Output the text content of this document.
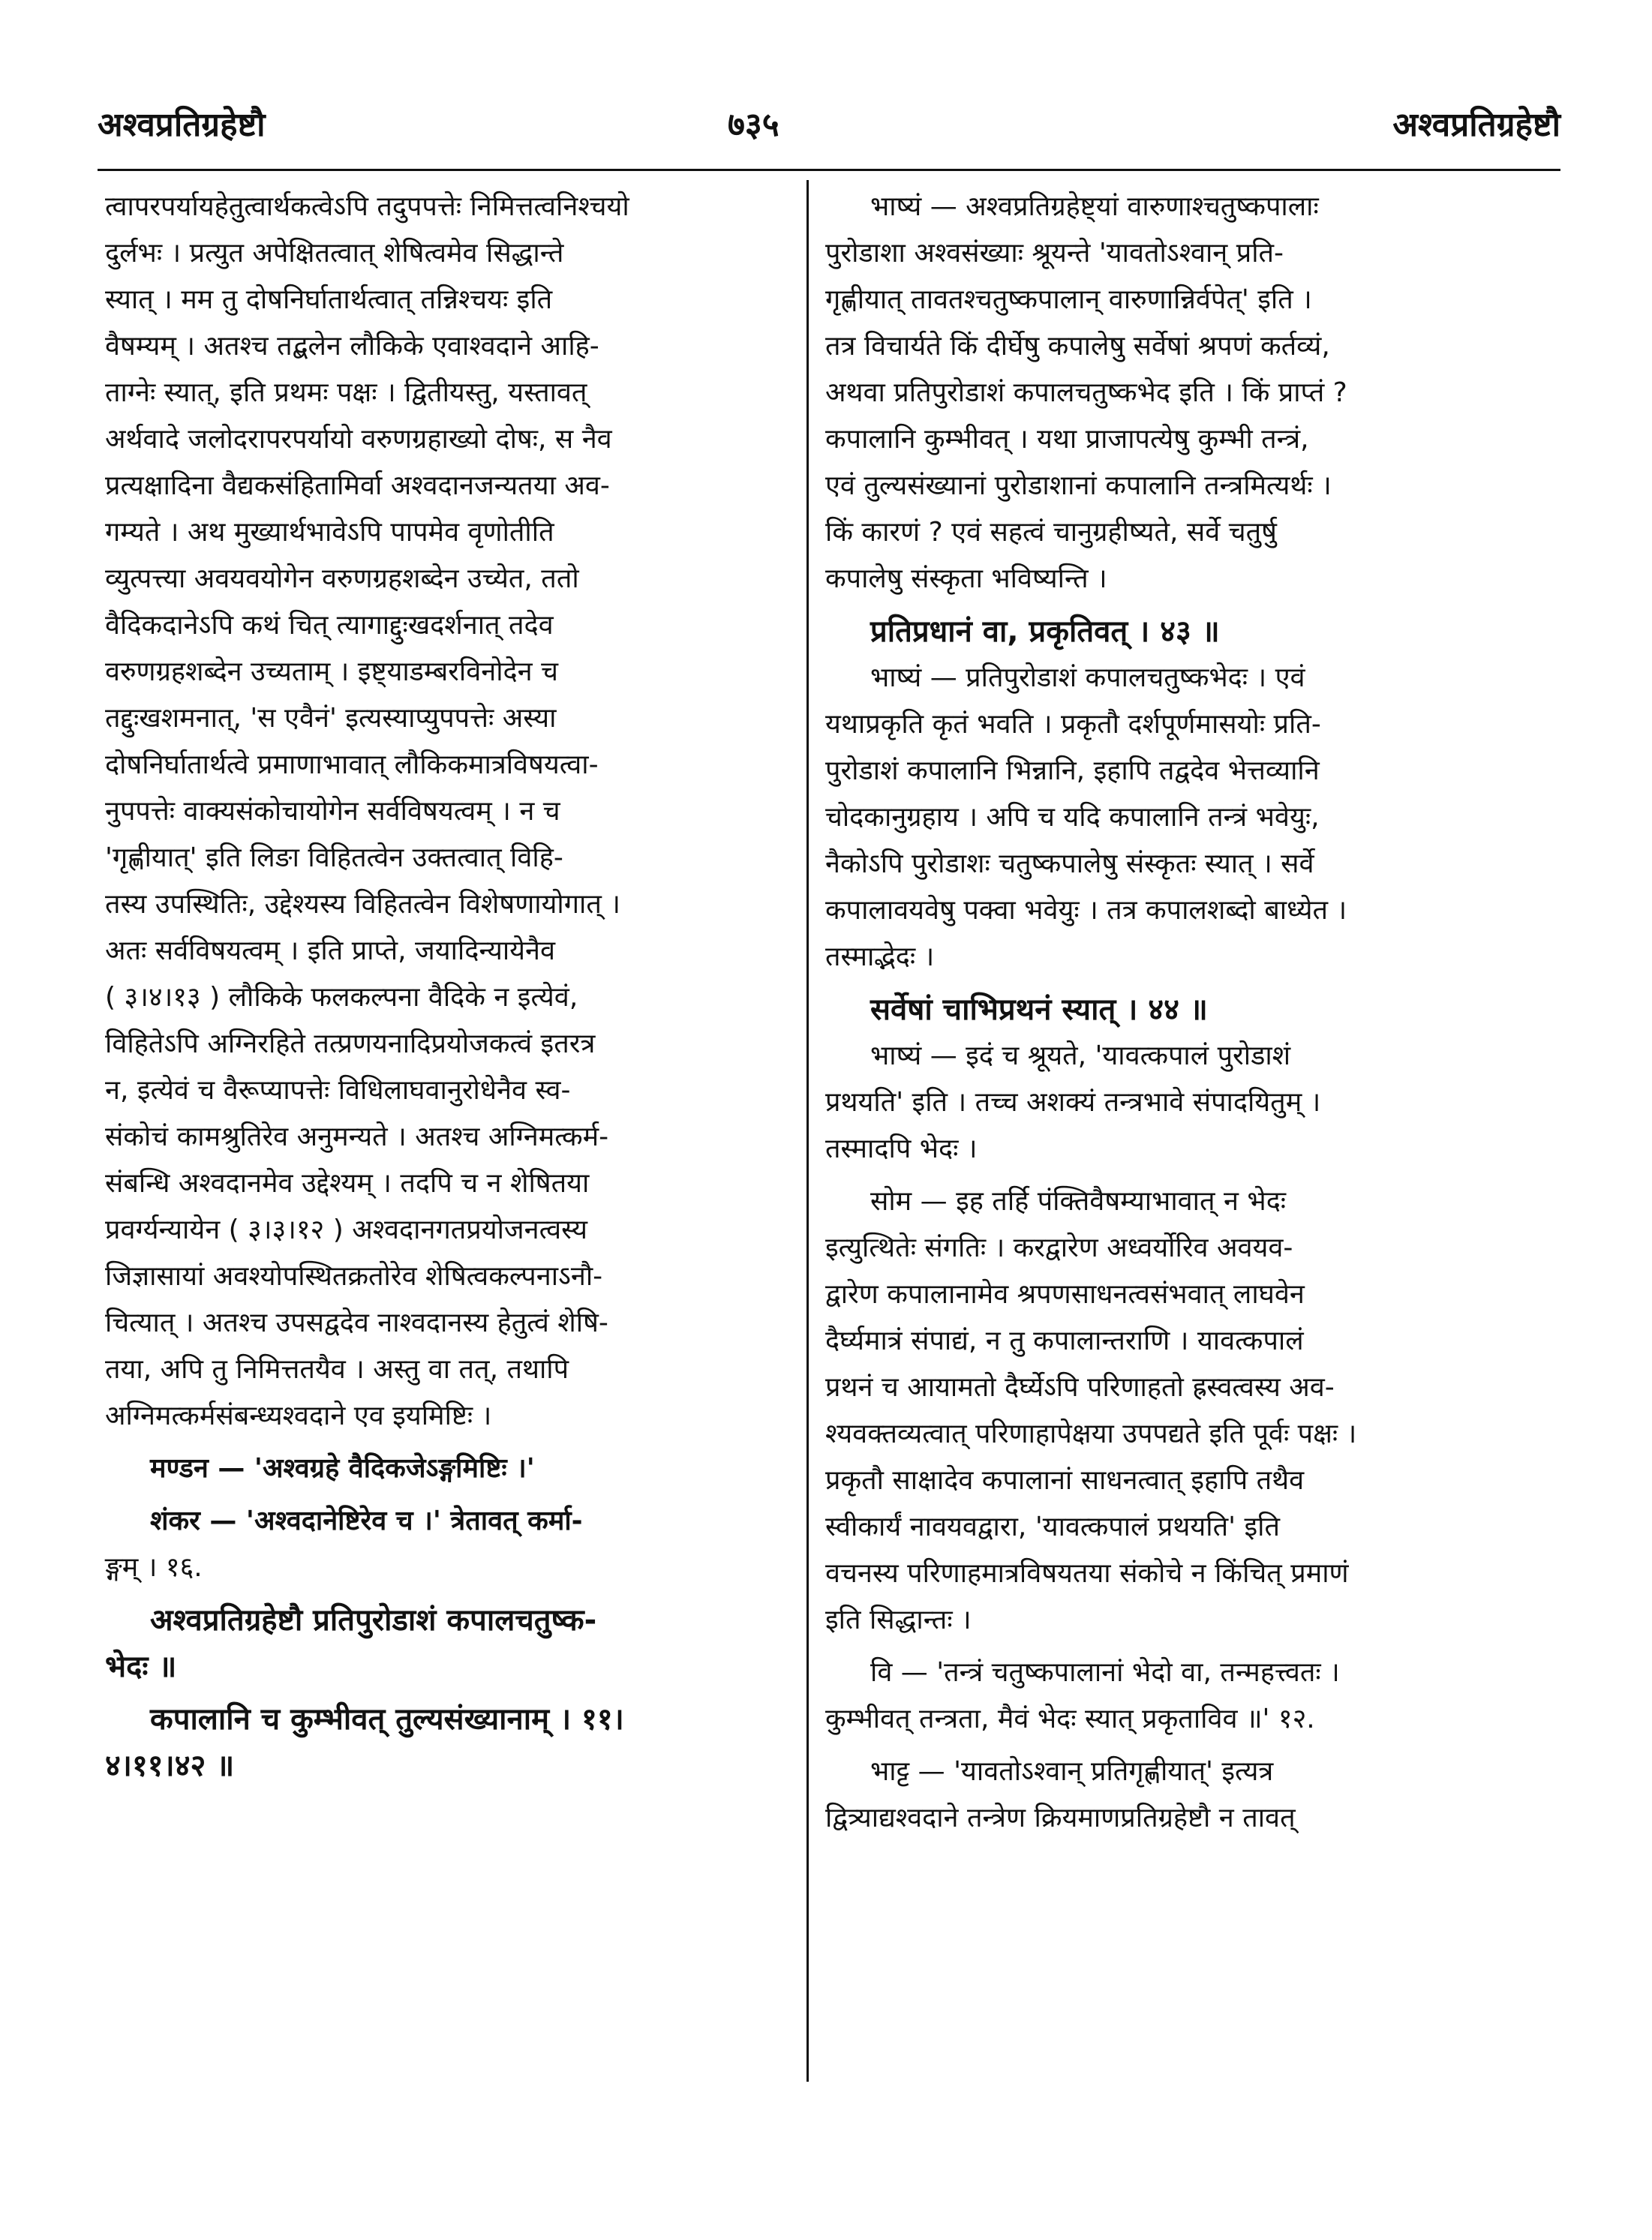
अश्वप्रतिग्रहेष्टौ	७३५	अश्वप्रतिग्रहेष्टौ

त्वापरपर्यायहेतुत्वार्थकत्वेऽपि तदुपपत्तेः निमित्तत्वनिश्चयो

दुर्लभः । प्रत्युत अपेक्षितत्वात् शेषित्वमेव सिद्धान्ते

स्यात् । मम तु दोषनिर्घातार्थत्वात् तन्निश्चयः इति

वैषम्यम् । अतश्च तद्बलेन लौकिके एवाश्वदाने आहि-

ताग्नेः स्यात्, इति प्रथमः पक्षः । द्वितीयस्तु, यस्तावत्

अर्थवादे जलोदरापरपर्यायो वरुणग्रहाख्यो दोषः, स नैव

प्रत्यक्षादिना वैद्यकसंहितामिर्वा अश्वदानजन्यतया अव-

गम्यते । अथ मुख्यार्थभावेऽपि पापमेव वृणोतीति

व्युत्पत्त्या अवयवयोगेन वरुणग्रहशब्देन उच्येत, ततो

वैदिकदानेऽपि कथं चित् त्यागाद्दुःखदर्शनात् तदेव

वरुणग्रहशब्देन उच्यताम् । इष्ट्याडम्बरविनोदेन च

तद्दुःखशमनात्, 'स एवैनं' इत्यस्याप्युपपत्तेः अस्या

दोषनिर्घातार्थत्वे प्रमाणाभावात् लौकिकमात्रविषयत्वा-

नुपपत्तेः वाक्यसंकोचायोगेन सर्वविषयत्वम् । न च

'गृह्णीयात्' इति लिङा विहितत्वेन उक्तत्वात् विहि-

तस्य उपस्थितिः, उद्देश्यस्य विहितत्वेन विशेषणायोगात् ।

अतः सर्वविषयत्वम् । इति प्राप्ते, जयादिन्यायेनैव

( ३।४।१३ ) लौकिके फलकल्पना वैदिके न इत्येवं,

विहितेऽपि अग्निरहिते तत्प्रणयनादिप्रयोजकत्वं इतरत्र

न, इत्येवं च वैरूप्यापत्तेः विधिलाघवानुरोधेनैव स्व-

संकोचं कामश्रुतिरेव अनुमन्यते । अतश्च अग्निमत्कर्म-

संबन्धि अश्वदानमेव उद्देश्यम् । तदपि च न शेषितया

प्रवर्ग्यन्यायेन ( ३।३।१२ ) अश्वदानगतप्रयोजनत्वस्य

जिज्ञासायां अवश्योपस्थितक्रतोरेव शेषित्वकल्पनाऽनौ-

चित्यात् । अतश्च उपसद्वदेव नाश्वदानस्य हेतुत्वं शेषि-

तया, अपि तु निमित्ततयैव । अस्तु वा तत्, तथापि

अग्निमत्कर्मसंबन्ध्यश्वदाने एव इयमिष्टिः ।

मण्डन — 'अश्वग्रहे वैदिकजेऽङ्गमिष्टिः ।'

शंकर — 'अश्वदानेष्टिरेव च ।' त्रेतावत् कर्मा-

ङ्गम् । १६.

अश्वप्रतिग्रहेष्टौ प्रतिपुरोडाशं कपालचतुष्क-

भेदः ॥

कपालानि च कुम्भीवत् तुल्यसंख्यानाम् । ११।

४।११।४२ ॥

भाष्यं — अश्वप्रतिग्रहेष्ट्यां वारुणाश्चतुष्कपालाः

पुरोडाशा अश्वसंख्याः श्रूयन्ते 'यावतोऽश्वान् प्रति-

गृह्णीयात् तावतश्चतुष्कपालान् वारुणान्निर्वपेत्' इति ।

तत्र विचार्यते किं दीर्घेषु कपालेषु सर्वेषां श्रपणं कर्तव्यं,

अथवा प्रतिपुरोडाशं कपालचतुष्कभेद इति । किं प्राप्तं ?

कपालानि कुम्भीवत् । यथा प्राजापत्येषु कुम्भी तन्त्रं,

एवं तुल्यसंख्यानां पुरोडाशानां कपालानि तन्त्रमित्यर्थः ।

किं कारणं ? एवं सहत्वं चानुग्रहीष्यते, सर्वे चतुर्षु

कपालेषु संस्कृता भविष्यन्ति ।

प्रतिप्रधानं वा, प्रकृतिवत् । ४३ ॥

भाष्यं — प्रतिपुरोडाशं कपालचतुष्कभेदः । एवं

यथाप्रकृति कृतं भवति । प्रकृतौ दर्शपूर्णमासयोः प्रति-

पुरोडाशं कपालानि भिन्नानि, इहापि तद्वदेव भेत्तव्यानि

चोदकानुग्रहाय । अपि च यदि कपालानि तन्त्रं भवेयुः,

नैकोऽपि पुरोडाशः चतुष्कपालेषु संस्कृतः स्यात् । सर्वे

कपालावयवेषु पक्वा भवेयुः । तत्र कपालशब्दो बाध्येत ।

तस्माद्भेदः ।

सर्वेषां चाभिप्रथनं स्यात् । ४४ ॥

भाष्यं — इदं च श्रूयते, 'यावत्कपालं पुरोडाशं

प्रथयति' इति । तच्च अशक्यं तन्त्रभावे संपादयितुम् ।

तस्मादपि भेदः ।

सोम — इह तर्हि पंक्तिवैषम्याभावात् न भेदः

इत्युत्थितेः संगतिः । करद्वारेण अध्वर्योरिव अवयव-

द्वारेण कपालानामेव श्रपणसाधनत्वसंभवात् लाघवेन

दैर्घ्यमात्रं संपाद्यं, न तु कपालान्तराणि । यावत्कपालं

प्रथनं च आयामतो दैर्घ्येऽपि परिणाहतो ह्रस्वत्वस्य अव-

श्यवक्तव्यत्वात् परिणाहापेक्षया उपपद्यते इति पूर्वः पक्षः ।

प्रकृतौ साक्षादेव कपालानां साधनत्वात् इहापि तथैव

स्वीकार्यं नावयवद्वारा, 'यावत्कपालं प्रथयति' इति

वचनस्य परिणाहमात्रविषयतया संकोचे न किंचित् प्रमाणं

इति सिद्धान्तः ।

वि — 'तन्त्रं चतुष्कपालानां भेदो वा, तन्महत्त्वतः ।

कुम्भीवत् तन्त्रता, मैवं भेदः स्यात् प्रकृताविव ॥' १२.

भाट्ट — 'यावतोऽश्वान् प्रतिगृह्णीयात्' इत्यत्र

द्वित्र्याद्यश्वदाने तन्त्रेण क्रियमाणप्रतिग्रहेष्टौ न तावत्
